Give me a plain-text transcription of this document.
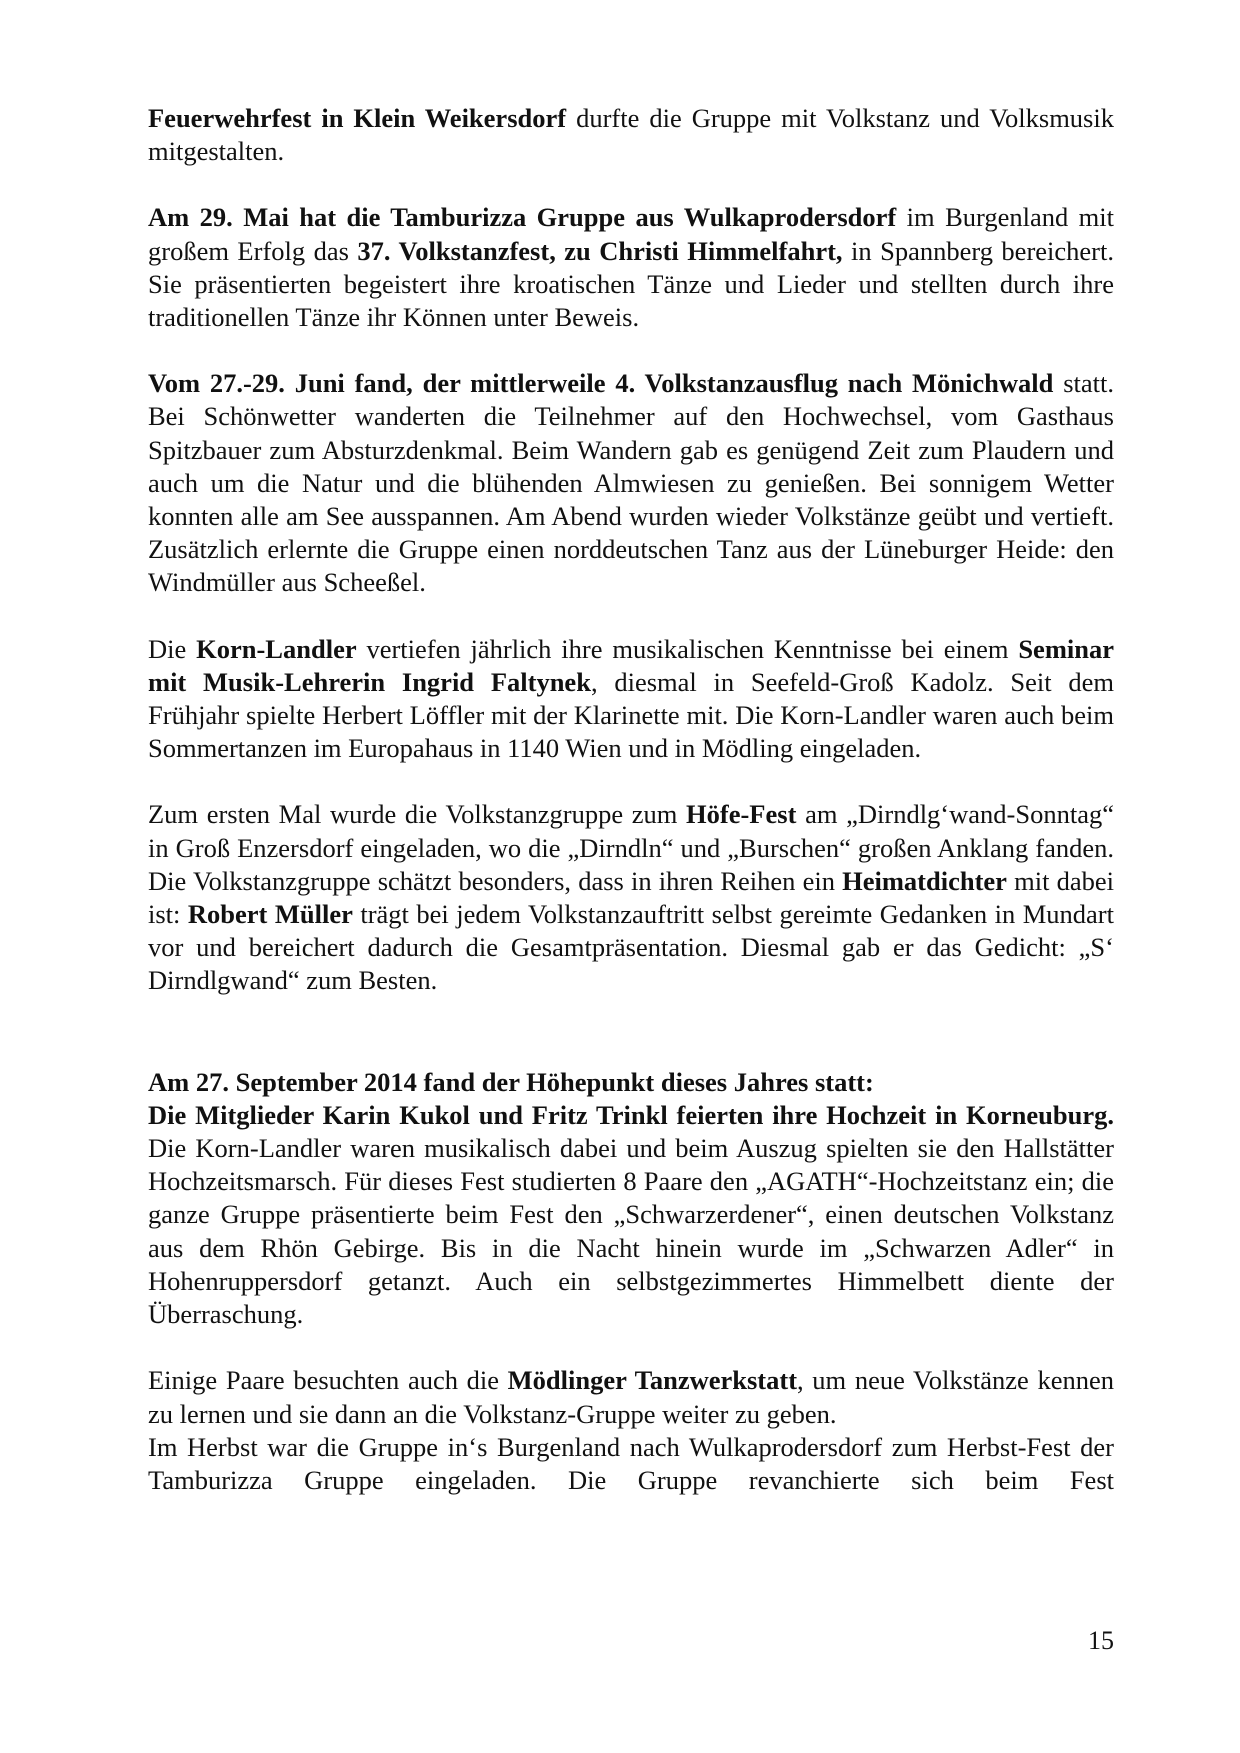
Feuerwehrfest in Klein Weikersdorf durfte die Gruppe mit Volkstanz und Volksmusik mitgestalten.

Am 29. Mai hat die Tamburizza Gruppe aus Wulkaprodersdorf im Burgenland mit großem Erfolg das 37. Volkstanzfest, zu Christi Himmelfahrt, in Spannberg bereichert. Sie präsentierten begeistert ihre kroatischen Tänze und Lieder und stellten durch ihre traditionellen Tänze ihr Können unter Beweis.

Vom 27.-29. Juni fand, der mittlerweile 4. Volkstanzausflug nach Mönichwald statt. Bei Schönwetter wanderten die Teilnehmer auf den Hochwechsel, vom Gasthaus Spitzbauer zum Absturzdenkmal. Beim Wandern gab es genügend Zeit zum Plaudern und auch um die Natur und die blühenden Almwiesen zu genießen. Bei sonnigem Wetter konnten alle am See ausspannen. Am Abend wurden wieder Volkstänze geübt und vertieft. Zusätzlich erlernte die Gruppe einen norddeutschen Tanz aus der Lüneburger Heide: den Windmüller aus Scheeßel.

Die Korn-Landler vertiefen jährlich ihre musikalischen Kenntnisse bei einem Seminar mit Musik-Lehrerin Ingrid Faltynek, diesmal in Seefeld-Groß Kadolz. Seit dem Frühjahr spielte Herbert Löffler mit der Klarinette mit. Die Korn-Landler waren auch beim Sommertanzen im Europahaus in 1140 Wien und in Mödling eingeladen.

Zum ersten Mal wurde die Volkstanzgruppe zum Höfe-Fest am „Dirndlg‘wand-Sonntag“ in Groß Enzersdorf eingeladen, wo die „Dirndln“ und „Burschen“ großen Anklang fanden. Die Volkstanzgruppe schätzt besonders, dass in ihren Reihen ein Heimatdichter mit dabei ist: Robert Müller trägt bei jedem Volkstanzauftritt selbst gereimte Gedanken in Mundart vor und bereichert dadurch die Gesamtpräsentation. Diesmal gab er das Gedicht: „S‘ Dirndlgwand“ zum Besten.

Am 27. September 2014 fand der Höhepunkt dieses Jahres statt:
Die Mitglieder Karin Kukol und Fritz Trinkl feierten ihre Hochzeit in Korneuburg. Die Korn-Landler waren musikalisch dabei und beim Auszug spielten sie den Hallstätter Hochzeitsmarsch. Für dieses Fest studierten 8 Paare den „AGATH“-Hochzeitstanz ein; die ganze Gruppe präsentierte beim Fest den „Schwarzerdener“, einen deutschen Volkstanz aus dem Rhön Gebirge. Bis in die Nacht hinein wurde im „Schwarzen Adler“ in Hohenruppersdorf getanzt. Auch ein selbstgezimmertes Himmelbett diente der Überraschung.

Einige Paare besuchten auch die Mödlinger Tanzwerkstatt, um neue Volkstänze kennen zu lernen und sie dann an die Volkstanz-Gruppe weiter zu geben.

Im Herbst war die Gruppe in‘s Burgenland nach Wulkaprodersdorf zum Herbst-Fest der Tamburizza Gruppe eingeladen. Die Gruppe revanchierte sich beim Fest

15
